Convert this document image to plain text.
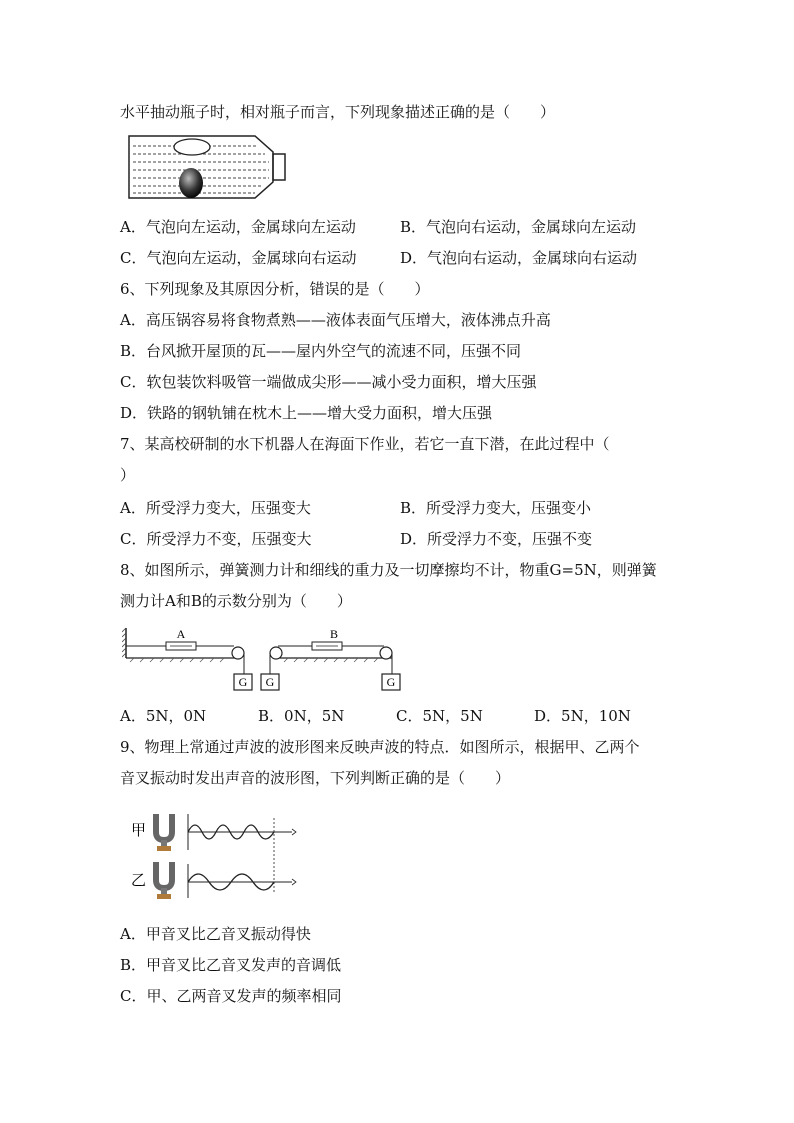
水平抽动瓶子时，相对瓶子而言，下列现象描述正确的是（　　）
A．气泡向左运动，金属球向左运动	B．气泡向右运动，金属球向左运动
C．气泡向左运动，金属球向右运动	D．气泡向右运动，金属球向右运动
6、下列现象及其原因分析，错误的是（　　）
A．高压锅容易将食物煮熟——液体表面气压增大，液体沸点升高
B．台风掀开屋顶的瓦——屋内外空气的流速不同，压强不同
C．软包装饮料吸管一端做成尖形——减小受力面积，增大压强
D．铁路的钢轨铺在枕木上——增大受力面积，增大压强
7、某高校研制的水下机器人在海面下作业，若它一直下潜，在此过程中（
）
A．所受浮力变大，压强变大	B．所受浮力变大，压强变小
C．所受浮力不变，压强变大	D．所受浮力不变，压强不变
8、如图所示，弹簧测力计和细线的重力及一切摩擦均不计，物重G=5N，则弹簧
测力计A和B的示数分别为（　　）
A
G
B
G	G
A．5N，0N	B．0N，5N	C．5N，5N	D．5N，10N
9、物理上常通过声波的波形图来反映声波的特点．如图所示，根据甲、乙两个
音叉振动时发出声音的波形图，下列判断正确的是（　　）
甲
乙
A．甲音叉比乙音叉振动得快
B．甲音叉比乙音叉发声的音调低
C．甲、乙两音叉发声的频率相同
